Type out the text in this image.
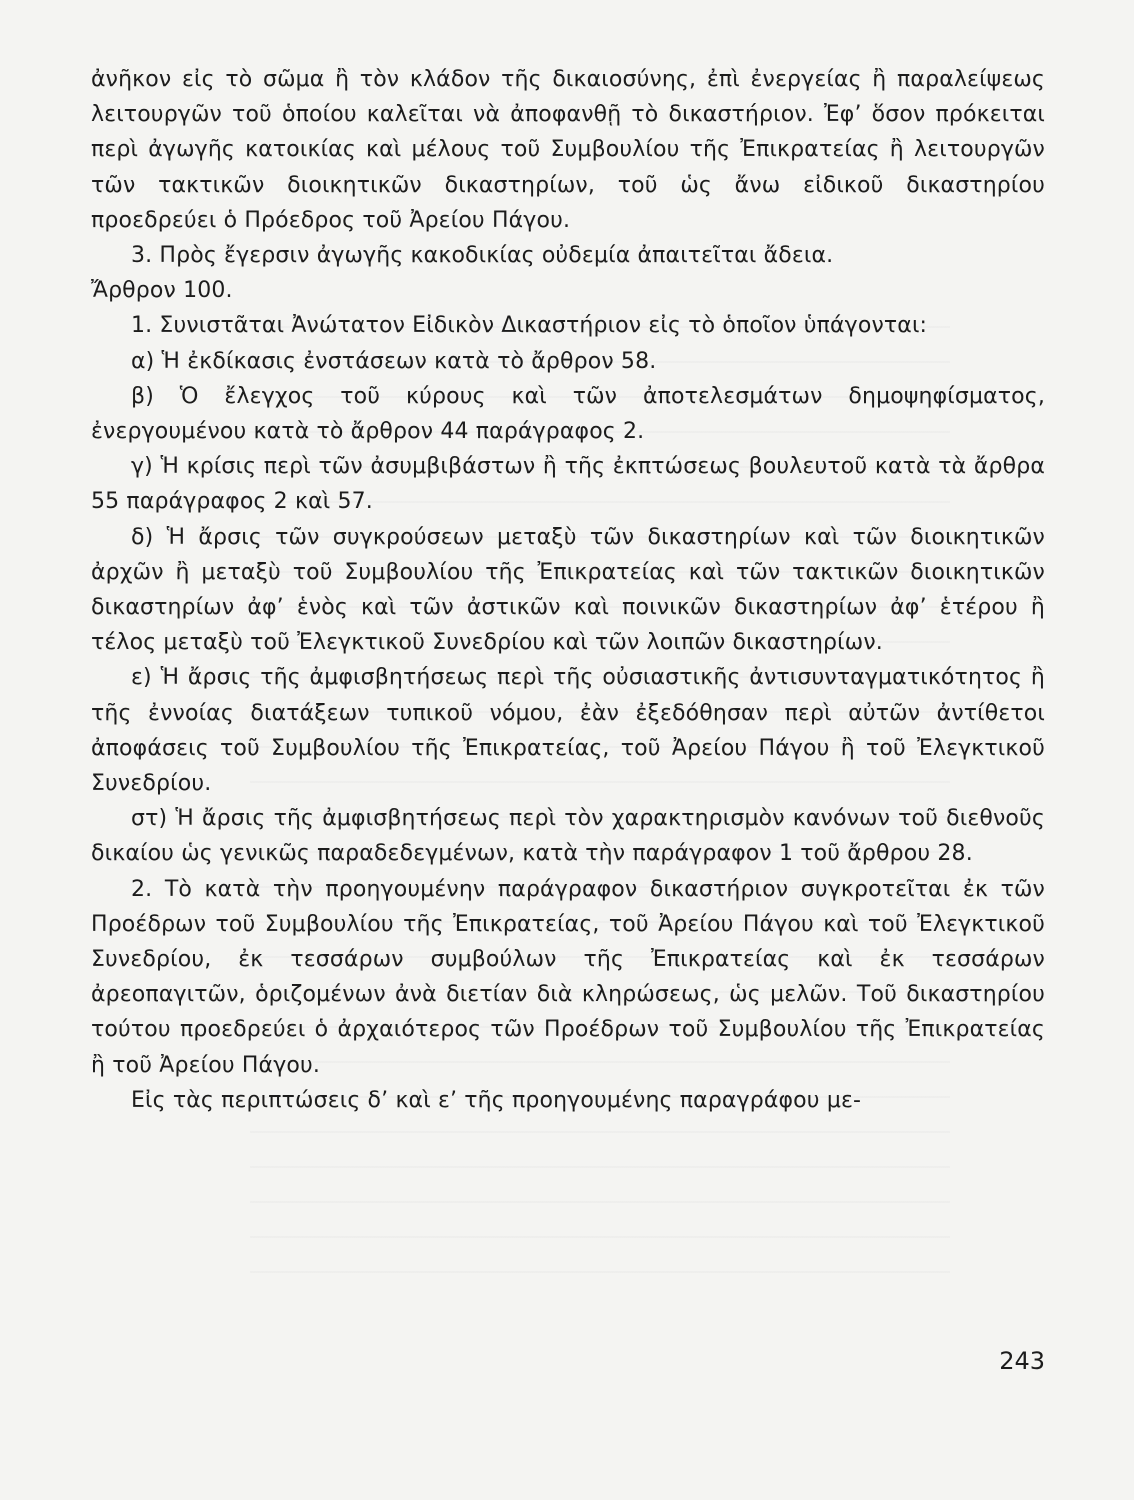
ἀνῆκον εἰς τὸ σῶμα ἢ τὸν κλάδον τῆς δικαιοσύνης, ἐπὶ ἐνεργείας ἢ παραλείψεως λειτουργῶν τοῦ ὁποίου καλεῖται νὰ ἀποφανθῇ τὸ δικαστήριον. Ἐφ’ ὅσον πρόκειται περὶ ἀγωγῆς κατοικίας καὶ μέλους τοῦ Συμβουλίου τῆς Ἐπικρατείας ἢ λειτουργῶν τῶν τακτικῶν διοικητικῶν δικαστηρίων, τοῦ ὡς ἄνω εἰδικοῦ δικαστηρίου προεδρεύει ὁ Πρόεδρος τοῦ Ἀρείου Πάγου.

3. Πρὸς ἔγερσιν ἀγωγῆς κακοδικίας οὐδεμία ἀπαιτεῖται ἄδεια.

Ἄρθρον 100.

1. Συνιστᾶται Ἀνώτατον Εἰδικὸν Δικαστήριον εἰς τὸ ὁποῖον ὑπάγονται:

α) Ἡ ἐκδίκασις ἐνστάσεων κατὰ τὸ ἄρθρον 58.

β) Ὁ ἔλεγχος τοῦ κύρους καὶ τῶν ἀποτελεσμάτων δημοψηφίσματος, ἐνεργουμένου κατὰ τὸ ἄρθρον 44 παράγραφος 2.

γ) Ἡ κρίσις περὶ τῶν ἀσυμβιβάστων ἢ τῆς ἐκπτώσεως βουλευτοῦ κατὰ τὰ ἄρθρα 55 παράγραφος 2 καὶ 57.

δ) Ἡ ἄρσις τῶν συγκρούσεων μεταξὺ τῶν δικαστηρίων καὶ τῶν διοικητικῶν ἀρχῶν ἢ μεταξὺ τοῦ Συμβουλίου τῆς Ἐπικρατείας καὶ τῶν τακτικῶν διοικητικῶν δικαστηρίων ἀφ’ ἑνὸς καὶ τῶν ἀστικῶν καὶ ποινικῶν δικαστηρίων ἀφ’ ἑτέρου ἢ τέλος μεταξὺ τοῦ Ἐλεγκτικοῦ Συνεδρίου καὶ τῶν λοιπῶν δικαστηρίων.

ε) Ἡ ἄρσις τῆς ἀμφισβητήσεως περὶ τῆς οὐσιαστικῆς ἀντισυνταγματικότητος ἢ τῆς ἐννοίας διατάξεων τυπικοῦ νόμου, ἐὰν ἐξεδόθησαν περὶ αὐτῶν ἀντίθετοι ἀποφάσεις τοῦ Συμβουλίου τῆς Ἐπικρατείας, τοῦ Ἀρείου Πάγου ἢ τοῦ Ἐλεγκτικοῦ Συνεδρίου.

στ) Ἡ ἄρσις τῆς ἀμφισβητήσεως περὶ τὸν χαρακτηρισμὸν κανόνων τοῦ διεθνοῦς δικαίου ὡς γενικῶς παραδεδεγμένων, κατὰ τὴν παράγραφον 1 τοῦ ἄρθρου 28.

2. Τὸ κατὰ τὴν προηγουμένην παράγραφον δικαστήριον συγκροτεῖται ἐκ τῶν Προέδρων τοῦ Συμβουλίου τῆς Ἐπικρατείας, τοῦ Ἀρείου Πάγου καὶ τοῦ Ἐλεγκτικοῦ Συνεδρίου, ἐκ τεσσάρων συμβούλων τῆς Ἐπικρατείας καὶ ἐκ τεσσάρων ἀρεοπαγιτῶν, ὁριζομένων ἀνὰ διετίαν διὰ κληρώσεως, ὡς μελῶν. Τοῦ δικαστηρίου τούτου προεδρεύει ὁ ἀρχαιότερος τῶν Προέδρων τοῦ Συμβουλίου τῆς Ἐπικρατείας ἢ τοῦ Ἀρείου Πάγου.

Εἰς τὰς περιπτώσεις δ’ καὶ ε’ τῆς προηγουμένης παραγράφου με-

243
